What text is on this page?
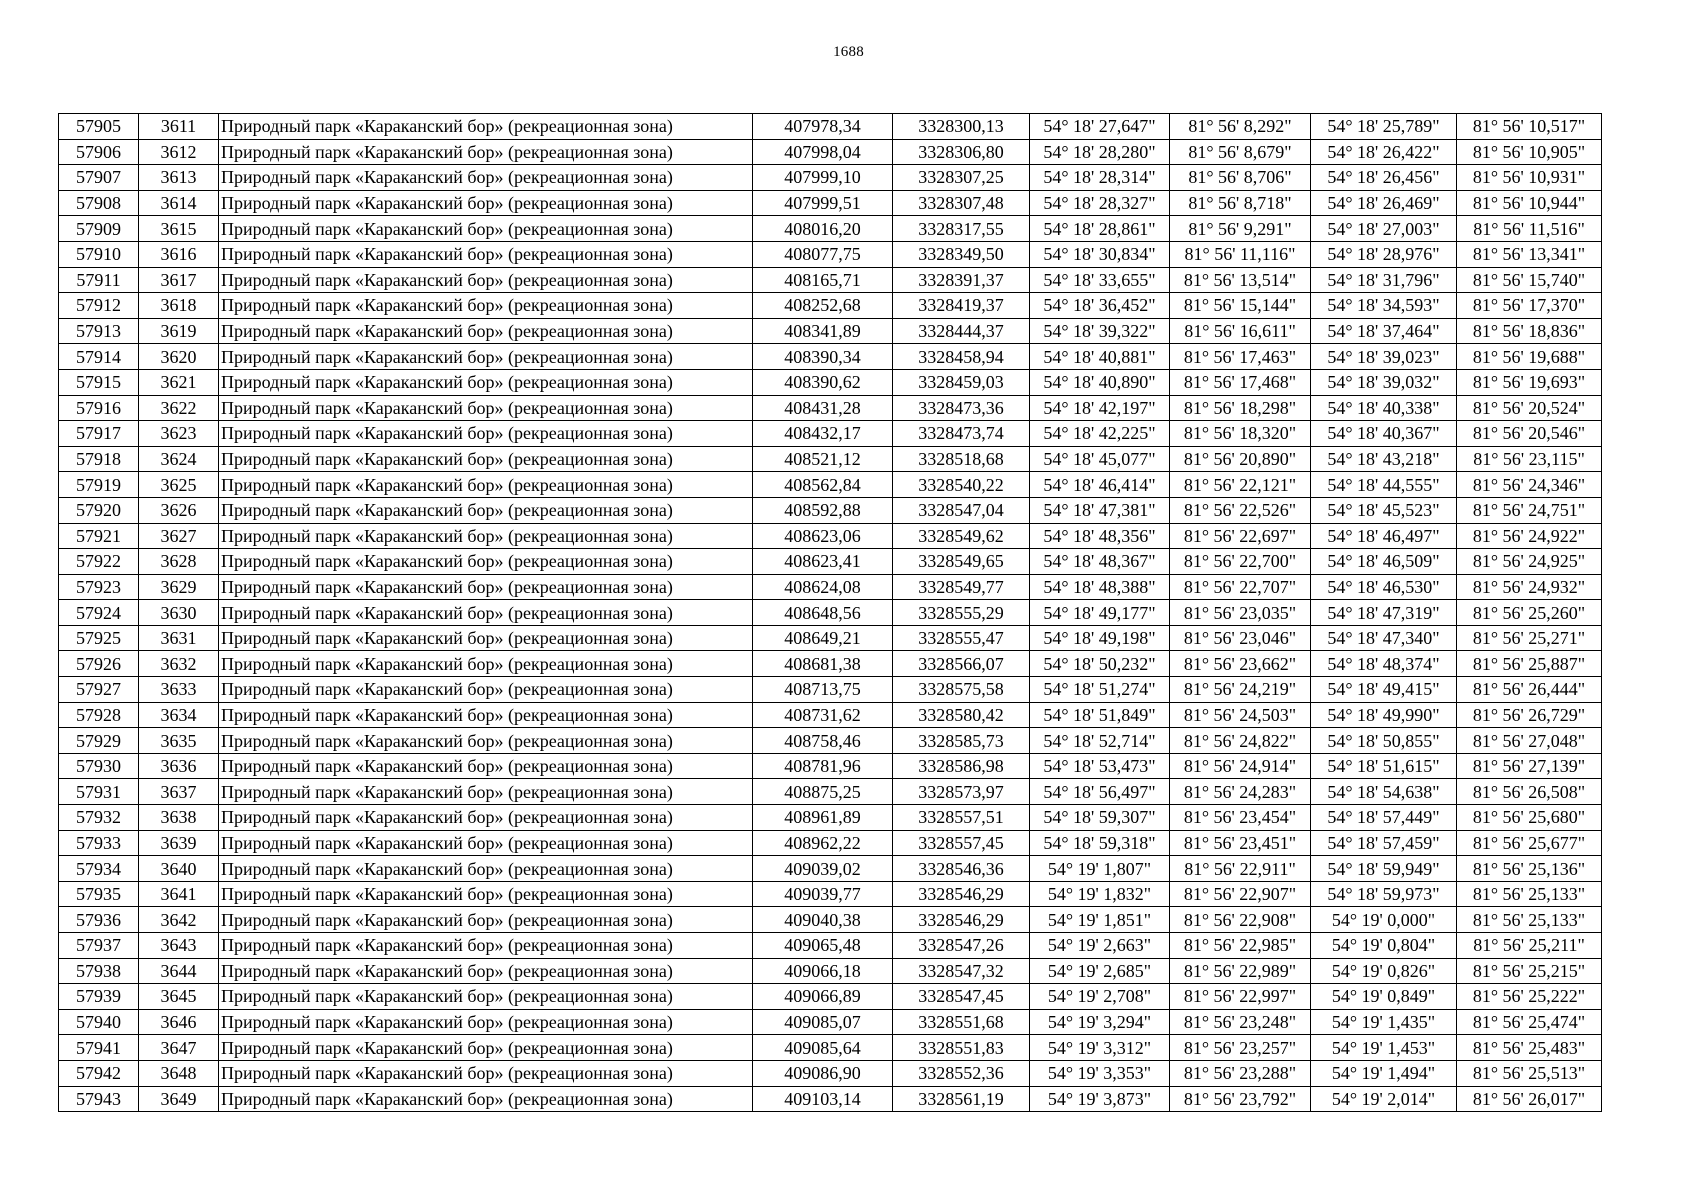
1688
57905	3611	Природный парк «Караканский бор» (рекреационная зона)	407978,34	3328300,13	54° 18' 27,647"	81° 56' 8,292"	54° 18' 25,789"	81° 56' 10,517"
57906	3612	Природный парк «Караканский бор» (рекреационная зона)	407998,04	3328306,80	54° 18' 28,280"	81° 56' 8,679"	54° 18' 26,422"	81° 56' 10,905"
57907	3613	Природный парк «Караканский бор» (рекреационная зона)	407999,10	3328307,25	54° 18' 28,314"	81° 56' 8,706"	54° 18' 26,456"	81° 56' 10,931"
57908	3614	Природный парк «Караканский бор» (рекреационная зона)	407999,51	3328307,48	54° 18' 28,327"	81° 56' 8,718"	54° 18' 26,469"	81° 56' 10,944"
57909	3615	Природный парк «Караканский бор» (рекреационная зона)	408016,20	3328317,55	54° 18' 28,861"	81° 56' 9,291"	54° 18' 27,003"	81° 56' 11,516"
57910	3616	Природный парк «Караканский бор» (рекреационная зона)	408077,75	3328349,50	54° 18' 30,834"	81° 56' 11,116"	54° 18' 28,976"	81° 56' 13,341"
57911	3617	Природный парк «Караканский бор» (рекреационная зона)	408165,71	3328391,37	54° 18' 33,655"	81° 56' 13,514"	54° 18' 31,796"	81° 56' 15,740"
57912	3618	Природный парк «Караканский бор» (рекреационная зона)	408252,68	3328419,37	54° 18' 36,452"	81° 56' 15,144"	54° 18' 34,593"	81° 56' 17,370"
57913	3619	Природный парк «Караканский бор» (рекреационная зона)	408341,89	3328444,37	54° 18' 39,322"	81° 56' 16,611"	54° 18' 37,464"	81° 56' 18,836"
57914	3620	Природный парк «Караканский бор» (рекреационная зона)	408390,34	3328458,94	54° 18' 40,881"	81° 56' 17,463"	54° 18' 39,023"	81° 56' 19,688"
57915	3621	Природный парк «Караканский бор» (рекреационная зона)	408390,62	3328459,03	54° 18' 40,890"	81° 56' 17,468"	54° 18' 39,032"	81° 56' 19,693"
57916	3622	Природный парк «Караканский бор» (рекреационная зона)	408431,28	3328473,36	54° 18' 42,197"	81° 56' 18,298"	54° 18' 40,338"	81° 56' 20,524"
57917	3623	Природный парк «Караканский бор» (рекреационная зона)	408432,17	3328473,74	54° 18' 42,225"	81° 56' 18,320"	54° 18' 40,367"	81° 56' 20,546"
57918	3624	Природный парк «Караканский бор» (рекреационная зона)	408521,12	3328518,68	54° 18' 45,077"	81° 56' 20,890"	54° 18' 43,218"	81° 56' 23,115"
57919	3625	Природный парк «Караканский бор» (рекреационная зона)	408562,84	3328540,22	54° 18' 46,414"	81° 56' 22,121"	54° 18' 44,555"	81° 56' 24,346"
57920	3626	Природный парк «Караканский бор» (рекреационная зона)	408592,88	3328547,04	54° 18' 47,381"	81° 56' 22,526"	54° 18' 45,523"	81° 56' 24,751"
57921	3627	Природный парк «Караканский бор» (рекреационная зона)	408623,06	3328549,62	54° 18' 48,356"	81° 56' 22,697"	54° 18' 46,497"	81° 56' 24,922"
57922	3628	Природный парк «Караканский бор» (рекреационная зона)	408623,41	3328549,65	54° 18' 48,367"	81° 56' 22,700"	54° 18' 46,509"	81° 56' 24,925"
57923	3629	Природный парк «Караканский бор» (рекреационная зона)	408624,08	3328549,77	54° 18' 48,388"	81° 56' 22,707"	54° 18' 46,530"	81° 56' 24,932"
57924	3630	Природный парк «Караканский бор» (рекреационная зона)	408648,56	3328555,29	54° 18' 49,177"	81° 56' 23,035"	54° 18' 47,319"	81° 56' 25,260"
57925	3631	Природный парк «Караканский бор» (рекреационная зона)	408649,21	3328555,47	54° 18' 49,198"	81° 56' 23,046"	54° 18' 47,340"	81° 56' 25,271"
57926	3632	Природный парк «Караканский бор» (рекреационная зона)	408681,38	3328566,07	54° 18' 50,232"	81° 56' 23,662"	54° 18' 48,374"	81° 56' 25,887"
57927	3633	Природный парк «Караканский бор» (рекреационная зона)	408713,75	3328575,58	54° 18' 51,274"	81° 56' 24,219"	54° 18' 49,415"	81° 56' 26,444"
57928	3634	Природный парк «Караканский бор» (рекреационная зона)	408731,62	3328580,42	54° 18' 51,849"	81° 56' 24,503"	54° 18' 49,990"	81° 56' 26,729"
57929	3635	Природный парк «Караканский бор» (рекреационная зона)	408758,46	3328585,73	54° 18' 52,714"	81° 56' 24,822"	54° 18' 50,855"	81° 56' 27,048"
57930	3636	Природный парк «Караканский бор» (рекреационная зона)	408781,96	3328586,98	54° 18' 53,473"	81° 56' 24,914"	54° 18' 51,615"	81° 56' 27,139"
57931	3637	Природный парк «Караканский бор» (рекреационная зона)	408875,25	3328573,97	54° 18' 56,497"	81° 56' 24,283"	54° 18' 54,638"	81° 56' 26,508"
57932	3638	Природный парк «Караканский бор» (рекреационная зона)	408961,89	3328557,51	54° 18' 59,307"	81° 56' 23,454"	54° 18' 57,449"	81° 56' 25,680"
57933	3639	Природный парк «Караканский бор» (рекреационная зона)	408962,22	3328557,45	54° 18' 59,318"	81° 56' 23,451"	54° 18' 57,459"	81° 56' 25,677"
57934	3640	Природный парк «Караканский бор» (рекреационная зона)	409039,02	3328546,36	54° 19' 1,807"	81° 56' 22,911"	54° 18' 59,949"	81° 56' 25,136"
57935	3641	Природный парк «Караканский бор» (рекреационная зона)	409039,77	3328546,29	54° 19' 1,832"	81° 56' 22,907"	54° 18' 59,973"	81° 56' 25,133"
57936	3642	Природный парк «Караканский бор» (рекреационная зона)	409040,38	3328546,29	54° 19' 1,851"	81° 56' 22,908"	54° 19' 0,000"	81° 56' 25,133"
57937	3643	Природный парк «Караканский бор» (рекреационная зона)	409065,48	3328547,26	54° 19' 2,663"	81° 56' 22,985"	54° 19' 0,804"	81° 56' 25,211"
57938	3644	Природный парк «Караканский бор» (рекреационная зона)	409066,18	3328547,32	54° 19' 2,685"	81° 56' 22,989"	54° 19' 0,826"	81° 56' 25,215"
57939	3645	Природный парк «Караканский бор» (рекреационная зона)	409066,89	3328547,45	54° 19' 2,708"	81° 56' 22,997"	54° 19' 0,849"	81° 56' 25,222"
57940	3646	Природный парк «Караканский бор» (рекреационная зона)	409085,07	3328551,68	54° 19' 3,294"	81° 56' 23,248"	54° 19' 1,435"	81° 56' 25,474"
57941	3647	Природный парк «Караканский бор» (рекреационная зона)	409085,64	3328551,83	54° 19' 3,312"	81° 56' 23,257"	54° 19' 1,453"	81° 56' 25,483"
57942	3648	Природный парк «Караканский бор» (рекреационная зона)	409086,90	3328552,36	54° 19' 3,353"	81° 56' 23,288"	54° 19' 1,494"	81° 56' 25,513"
57943	3649	Природный парк «Караканский бор» (рекреационная зона)	409103,14	3328561,19	54° 19' 3,873"	81° 56' 23,792"	54° 19' 2,014"	81° 56' 26,017"
